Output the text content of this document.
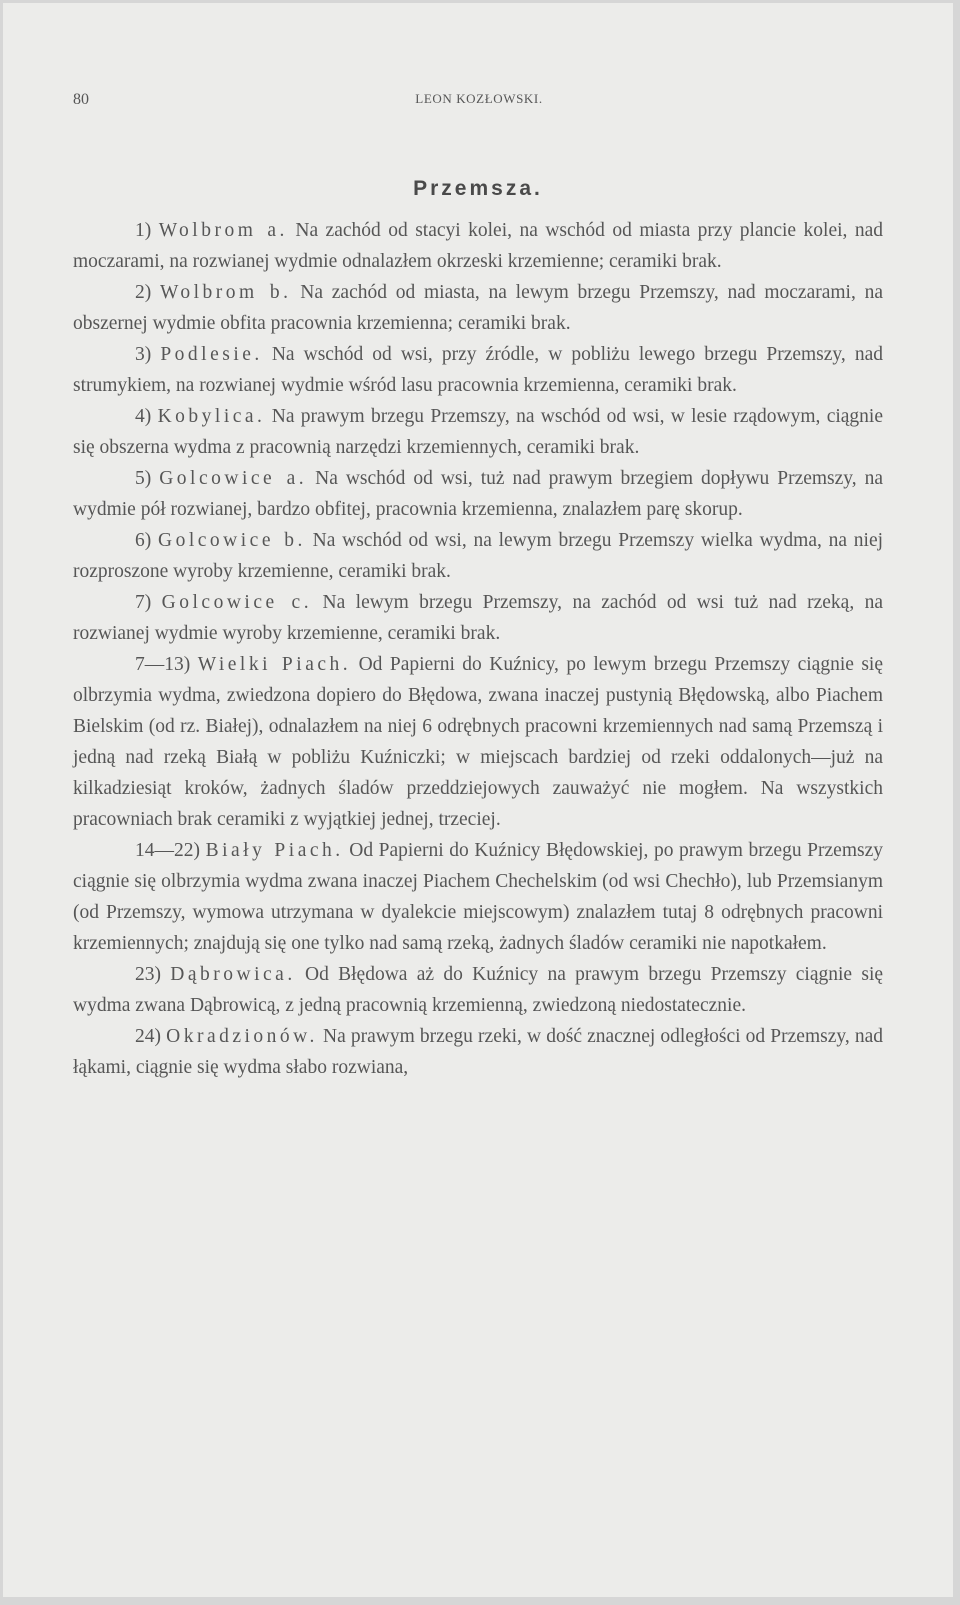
80	LEON KOZŁOWSKI.
Przemsza.

1) Wolbrom a. Na zachód od stacyi kolei, na wschód od miasta przy plancie kolei, nad moczarami, na rozwianej wydmie odnalazłem okrzeski krzemienne; ceramiki brak.

2) Wolbrom b. Na zachód od miasta, na lewym brzegu Przemszy, nad moczarami, na obszernej wydmie obfita pracownia krzemienna; ceramiki brak.

3) Podlesie. Na wschód od wsi, przy źródle, w pobliżu lewego brzegu Przemszy, nad strumykiem, na rozwianej wydmie wśród lasu pracownia krzemienna, ceramiki brak.

4) Kobylica. Na prawym brzegu Przemszy, na wschód od wsi, w lesie rządowym, ciągnie się obszerna wydma z pracownią narzędzi krzemiennych, ceramiki brak.

5) Golcowice a. Na wschód od wsi, tuż nad prawym brzegiem dopływu Przemszy, na wydmie pół rozwianej, bardzo obfitej, pracownia krzemienna, znalazłem parę skorup.

6) Golcowice b. Na wschód od wsi, na lewym brzegu Przemszy wielka wydma, na niej rozproszone wyroby krzemienne, ceramiki brak.

7) Golcowice c. Na lewym brzegu Przemszy, na zachód od wsi tuż nad rzeką, na rozwianej wydmie wyroby krzemienne, ceramiki brak.

7—13) Wielki Piach. Od Papierni do Kuźnicy, po lewym brzegu Przemszy ciągnie się olbrzymia wydma, zwiedzona dopiero do Błędowa, zwana inaczej pustynią Błędowską, albo Piachem Bielskim (od rz. Białej), odnalazłem na niej 6 odrębnych pracowni krzemiennych nad samą Przemszą i jedną nad rzeką Białą w pobliżu Kuźniczki; w miejscach bardziej od rzeki oddalonych—już na kilkadziesiąt kroków, żadnych śladów przeddziejowych zauważyć nie mogłem. Na wszystkich pracowniach brak ceramiki z wyjątkiej jednej, trzeciej.

14—22) Biały Piach. Od Papierni do Kuźnicy Błędowskiej, po prawym brzegu Przemszy ciągnie się olbrzymia wydma zwana inaczej Piachem Chechelskim (od wsi Chechło), lub Przemsianym (od Przemszy, wymowa utrzymana w dyalekcie miejscowym) znalazłem tutaj 8 odrębnych pracowni krzemiennych; znajdują się one tylko nad samą rzeką, żadnych śladów ceramiki nie napotkałem.

23) Dąbrowica. Od Błędowa aż do Kuźnicy na prawym brzegu Przemszy ciągnie się wydma zwana Dąbrowicą, z jedną pracownią krzemienną, zwiedzoną niedostatecznie.

24) Okradzionów. Na prawym brzegu rzeki, w dość znacznej odległości od Przemszy, nad łąkami, ciągnie się wydma słabo rozwiana,
